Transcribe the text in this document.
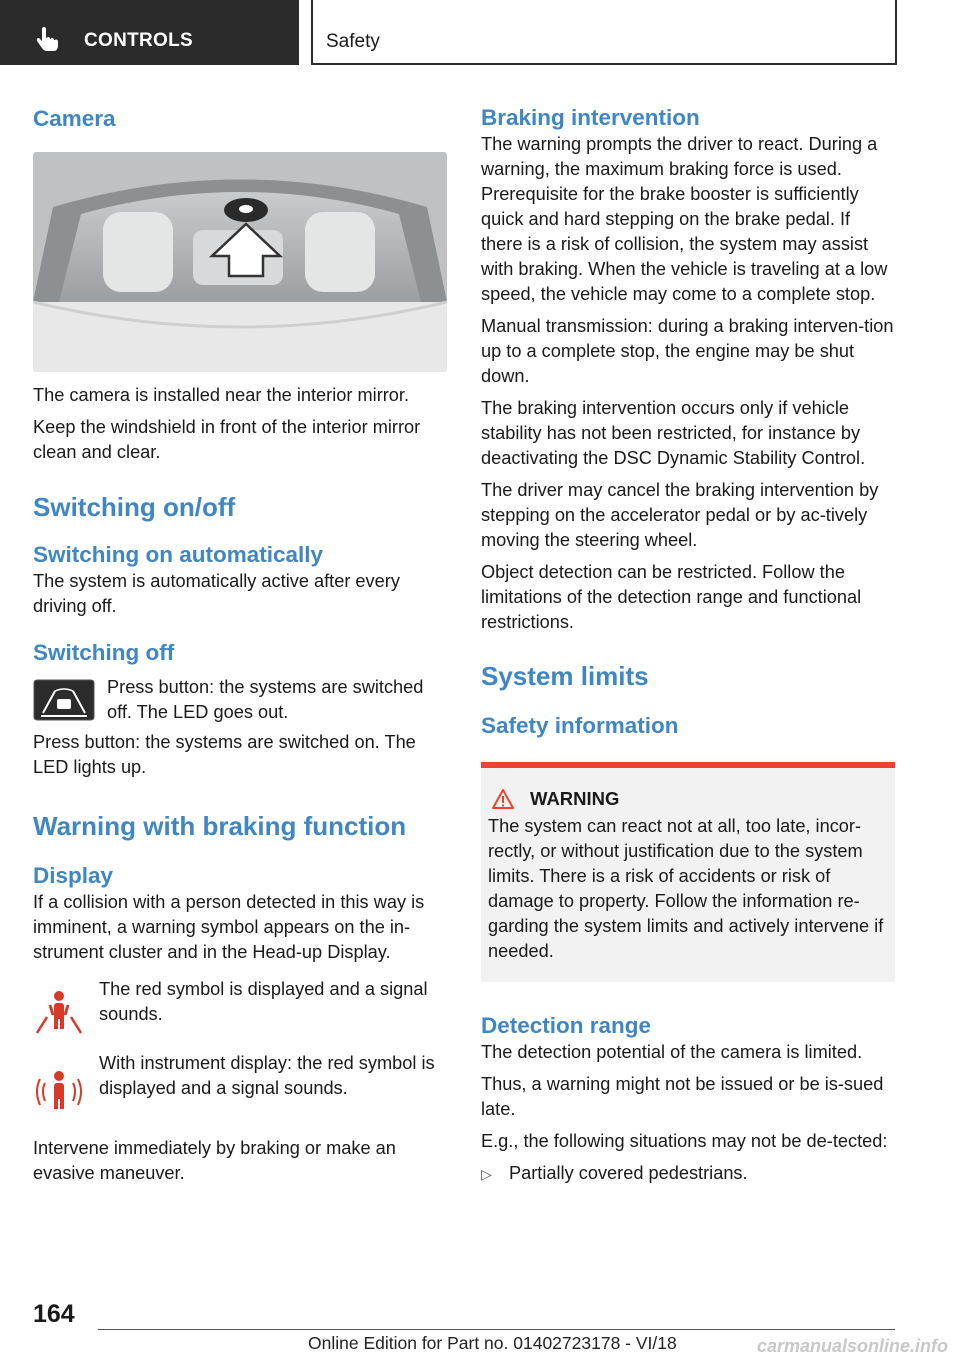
CONTROLS	Safety
Camera

The camera is installed near the interior mirror.

Keep the windshield in front of the interior mirror clean and clear.

Switching on/off
Switching on automatically

The system is automatically active after every driving off.

Switching off

Press button: the systems are switched off. The LED goes out.

Press button: the systems are switched on. The LED lights up.

Warning with braking function
Display

If a collision with a person detected in this way is imminent, a warning symbol appears on the in-strument cluster and in the Head-up Display.

The red symbol is displayed and a signal sounds.

With instrument display: the red symbol is displayed and a signal sounds.

Intervene immediately by braking or make an evasive maneuver.

Braking intervention

The warning prompts the driver to react. During a warning, the maximum braking force is used. Prerequisite for the brake booster is sufficiently quick and hard stepping on the brake pedal. If there is a risk of collision, the system may assist with braking. When the vehicle is traveling at a low speed, the vehicle may come to a complete stop.

Manual transmission: during a braking interven-tion up to a complete stop, the engine may be shut down.

The braking intervention occurs only if vehicle stability has not been restricted, for instance by deactivating the DSC Dynamic Stability Control.

The driver may cancel the braking intervention by stepping on the accelerator pedal or by ac-tively moving the steering wheel.

Object detection can be restricted. Follow the limitations of the detection range and functional restrictions.

System limits
Safety information
WARNING

The system can react not at all, too late, incor-rectly, or without justification due to the system limits. There is a risk of accidents or risk of damage to property. Follow the information re-garding the system limits and actively intervene if needed.

Detection range

The detection potential of the camera is limited.

Thus, a warning might not be issued or be is-sued late.

E.g., the following situations may not be de-tected:

▷ Partially covered pedestrians.
164
Online Edition for Part no. 01402723178 - VI/18	carmanualsonline.info
